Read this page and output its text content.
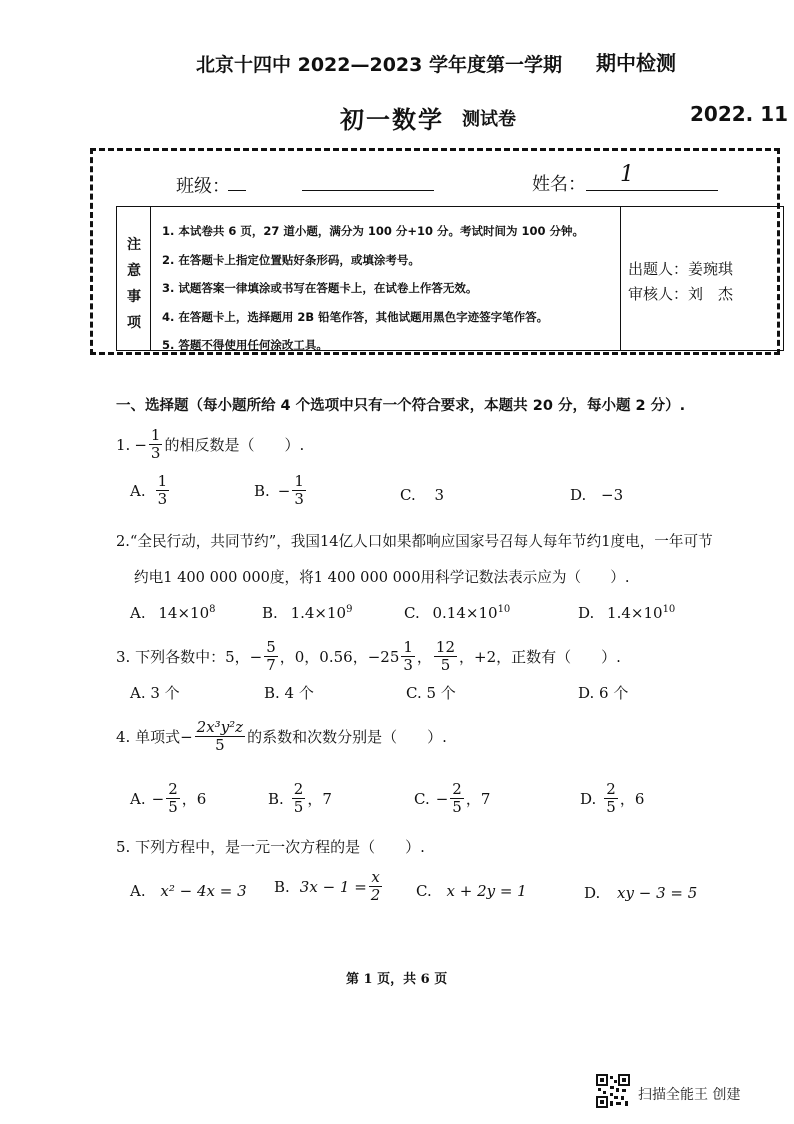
北京十四中 2022—2023 学年度第一学期 期中检测
初一数学 测试卷	2022. 11
班级：	姓名： 1
注
意
事
项
1. 本试卷共 6 页，27 道小题，满分为 100 分+10 分。考试时间为 100 分钟。
2. 在答题卡上指定位置贴好条形码，或填涂考号。
3. 试题答案一律填涂或书写在答题卡上，在试卷上作答无效。
4. 在答题卡上，选择题用 2B 铅笔作答，其他试题用黑色字迹签字笔作答。
5. 答题不得使用任何涂改工具。
出题人：姜琬琪
审核人：刘　杰
一、选择题（每小题所给 4 个选项中只有一个符合要求，本题共 20 分，每小题 2 分）.
1. − $\frac{1}{3}$ 的相反数是（　　）.
A. $\frac{1}{3}$	B. − $\frac{1}{3}$	C. 3	D. −3
2.“全民行动，共同节约”，我国14亿人口如果都响应国家号召每人每年节约1度电，一年可节
约电1 400 000 000度，将1 400 000 000用科学记数法表示应为（　　）.
A. $14\times 10^8$	B. $1.4\times 10^9$	C. $0.14\times 10^{10}$	D. $1.4\times 10^{10}$
3. 下列各数中：5， − $\frac{5}{7}$ ，0，0.56， $-25 \frac{1}{3}$ ， $\frac{12}{5}$ ，+2，正数有（　　）.
A. 3 个	B. 4 个	C. 5 个	D. 6 个
4. 单项式 − $\frac{\text{2x³y²z}}{5}$ 的系数和次数分别是（　　）.
A. − $\frac{2}{5}$ ，6	B. $\frac{2}{5}$ ，7	C. − $\frac{2}{5}$ ，7	D. $\frac{2}{5}$ ，6
5. 下列方程中，是一元一次方程的是（　　）.
A. x² − 4x = 3 B. $3x - 1 = \frac{x}{2} C$. x + 2y = 1	D. xy − 3 = 5
第 1 页，共 6 页
扫描全能王 创建
